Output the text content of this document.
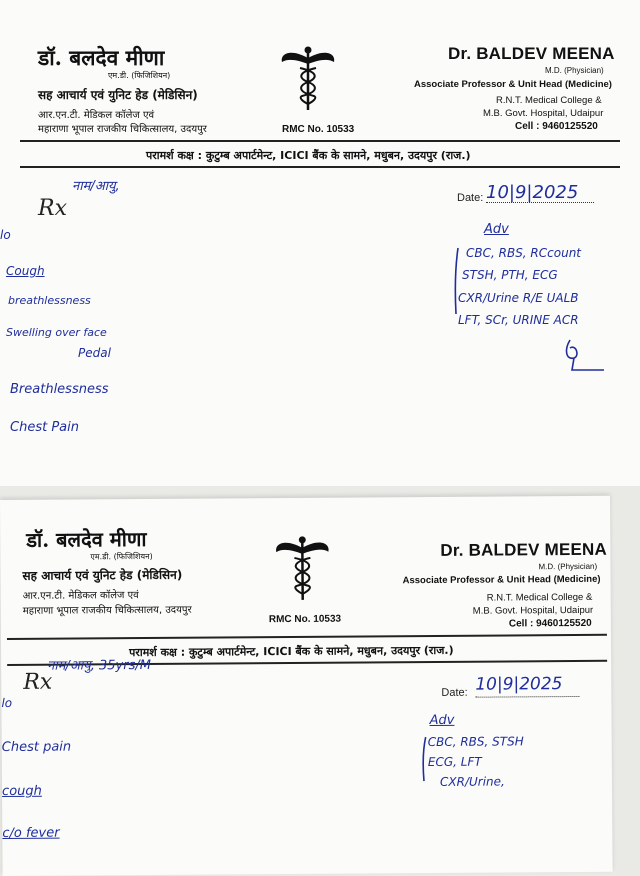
डॉ. बलदेव मीणा
एम.डी. (फिजिशियन)
सह आचार्य एवं युनिट हेड (मेडिसिन)
आर.एन.टी. मेडिकल कॉलेज एवं
महाराणा भूपाल राजकीय चिकित्सालय, उदयपुर	RMC No. 10533
Dr. BALDEV MEENA
M.D. (Physician)
Associate Professor & Unit Head (Medicine)
R.N.T. Medical College &
M.B. Govt. Hospital, Udaipur
Cell : 9460125520
परामर्श कक्ष : कुटुम्ब अपार्टमेन्ट, ICICI बैंक के सामने, मधुबन, उदयपुर (राज.)
नाम/आयु,
Rx	Date: 10|9|2025
lo
Cough
breathlessness
Swelling over face
Pedal
Breathlessness
Chest Pain
Adv
CBC, RBS, RCcount
STSH, PTH, ECG
CXR/Urine R/E UALB
LFT, SCr, URINE ACR
डॉ. बलदेव मीणा
एम.डी. (फिजिशियन)
सह आचार्य एवं युनिट हेड (मेडिसिन)
आर.एन.टी. मेडिकल कॉलेज एवं
महाराणा भूपाल राजकीय चिकित्सालय, उदयपुर
RMC No. 10533
Dr. BALDEV MEENA
M.D. (Physician)
Associate Professor & Unit Head (Medicine)
R.N.T. Medical College &
M.B. Govt. Hospital, Udaipur
Cell : 9460125520
परामर्श कक्ष : कुटुम्ब अपार्टमेन्ट, ICICI बैंक के सामने, मधुबन, उदयपुर (राज.)
नाम/आयु, 35yrs/M
Rx	Date: 10|9|2025
lo
Chest pain
cough
c/o fever
Adv
CBC, RBS, STSH
ECG, LFT
CXR/Urine,
